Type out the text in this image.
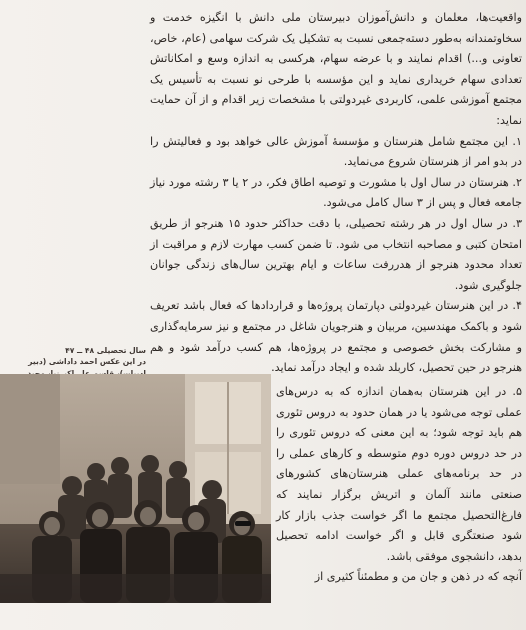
واقعیت‌ها، معلمان و دانش‌آموزان دبیرستان ملی دانش با انگیزه خدمت و سخاوتمندانه به‌طور دسته‌جمعی نسبت به تشکیل یک شرکت سهامی (عام، خاص، تعاونی و...) اقدام نمایند و با عرضه سهام، هرکسی به اندازه وسع و امکاناتش تعدادی سهام خریداری نماید و این مؤسسه با طرحی نو نسبت به تأسیس یک مجتمع آموزشی علمی، کاربردی غیردولتی با مشخصات زیر اقدام و از آن حمایت نماید:

۱. این مجتمع شامل هنرستان و مؤسسهٔ آموزش عالی خواهد بود و فعالیتش را در بدو امر از هنرستان شروع می‌نماید.

۲. هنرستان در سال اول با مشورت و توصیه اطاق فکر، در ۲ یا ۳ رشته مورد نیاز جامعه فعال و پس از ۳ سال کامل می‌شود.

۳. در سال اول در هر رشته تحصیلی، با دقت حداکثر حدود ۱۵ هنرجو از طریق امتحان کتبی و مصاحبه انتخاب می‌ شود. تا ضمن کسب مهارت لازم و مراقبت از تعداد محدود هنرجو از هدررفت ساعات و ایام بهترین سال‌های زندگی جوانان جلوگیری شود.

۴. در این هنرستان غیردولتی دپارتمان پروژه‌ها و قراردادها که فعال باشد تعریف شود و باکمک مهندسین، مربیان و هنرجویان شاغل در مجتمع و نیز سرمایه‌گذاری و مشارکت بخش خصوصی و مجتمع در پروژه‌ها، هم کسب درآمد شود و هم هنرجو در حین تحصیل، کاربلد شده و ایجاد درآمد نماید.

سال تحصیلی ۴۸ ــ ۴۷

در این عکس احمد داداشی (دبیر

۵. در این هنرستان به‌همان اندازه که به درس‌های عملی توجه می‌شود یا در همان حدود به دروس تئوری هم باید توجه شود؛ به این معنی که دروس تئوری را در حد دروس دوره دوم متوسطه و کارهای عملی را در حد برنامه‌های عملی هنرستان‌های کشورهای صنعتی مانند آلمان و اتریش برگزار نمایند که فارغ‌التحصیل مجتمع ما اگر خواست جذب بازار کار شود صنعتگری قابل و اگر خواست ادامه تحصیل بدهد، دانشجوی موفقی باشد.

آنچه که در ذهن و جان من و مطمئناً کثیری از
